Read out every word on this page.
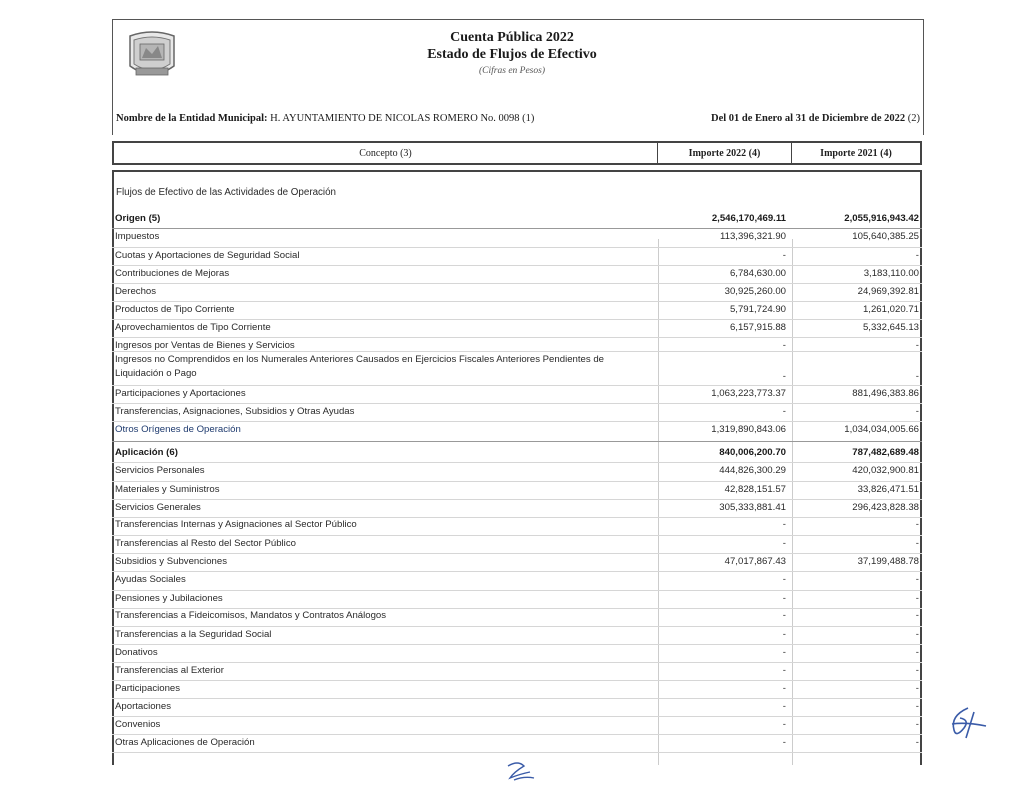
Cuenta Pública 2022
Estado de Flujos de Efectivo
(Cifras en Pesos)
Nombre de la Entidad Municipal: H. AYUNTAMIENTO DE NICOLAS ROMERO No. 0098 (1)	Del 01 de Enero al 31 de Diciembre de 2022 (2)
Concepto (3)	Importe 2022 (4)	Importe 2021 (4)
Flujos de Efectivo de las Actividades de Operación
Origen (5)	2,546,170,469.11	2,055,916,943.42
Impuestos	113,396,321.90	105,640,385.25
Cuotas y Aportaciones de Seguridad Social	-	-
Contribuciones de Mejoras	6,784,630.00	3,183,110.00
Derechos	30,925,260.00	24,969,392.81
Productos de Tipo Corriente	5,791,724.90	1,261,020.71
Aprovechamientos de Tipo Corriente	6,157,915.88	5,332,645.13
Ingresos por Ventas de Bienes y Servicios	-	-
Ingresos no Comprendidos en los Numerales Anteriores Causados en Ejercicios Fiscales Anteriores Pendientes de
Liquidación o Pago	-	-
Participaciones y Aportaciones	1,063,223,773.37	881,496,383.86
Transferencias, Asignaciones, Subsidios y Otras Ayudas	-	-
Otros Orígenes de Operación	1,319,890,843.06	1,034,034,005.66
Aplicación (6)	840,006,200.70	787,482,689.48
Servicios Personales	444,826,300.29	420,032,900.81
Materiales y Suministros	42,828,151.57	33,826,471.51
Servicios Generales	305,333,881.41	296,423,828.38
Transferencias Internas y Asignaciones al Sector Público	-	-
Transferencias al Resto del Sector Público	-	-
Subsidios y Subvenciones	47,017,867.43	37,199,488.78
Ayudas Sociales	-	-
Pensiones y Jubilaciones	-	-
Transferencias a Fideicomisos, Mandatos y Contratos Análogos	-	-
Transferencias a la Seguridad Social	-	-
Donativos	-	-
Transferencias al Exterior	-	-
Participaciones	-	-
Aportaciones	-	-
Convenios	-	-
Otras Aplicaciones de Operación	-	-
